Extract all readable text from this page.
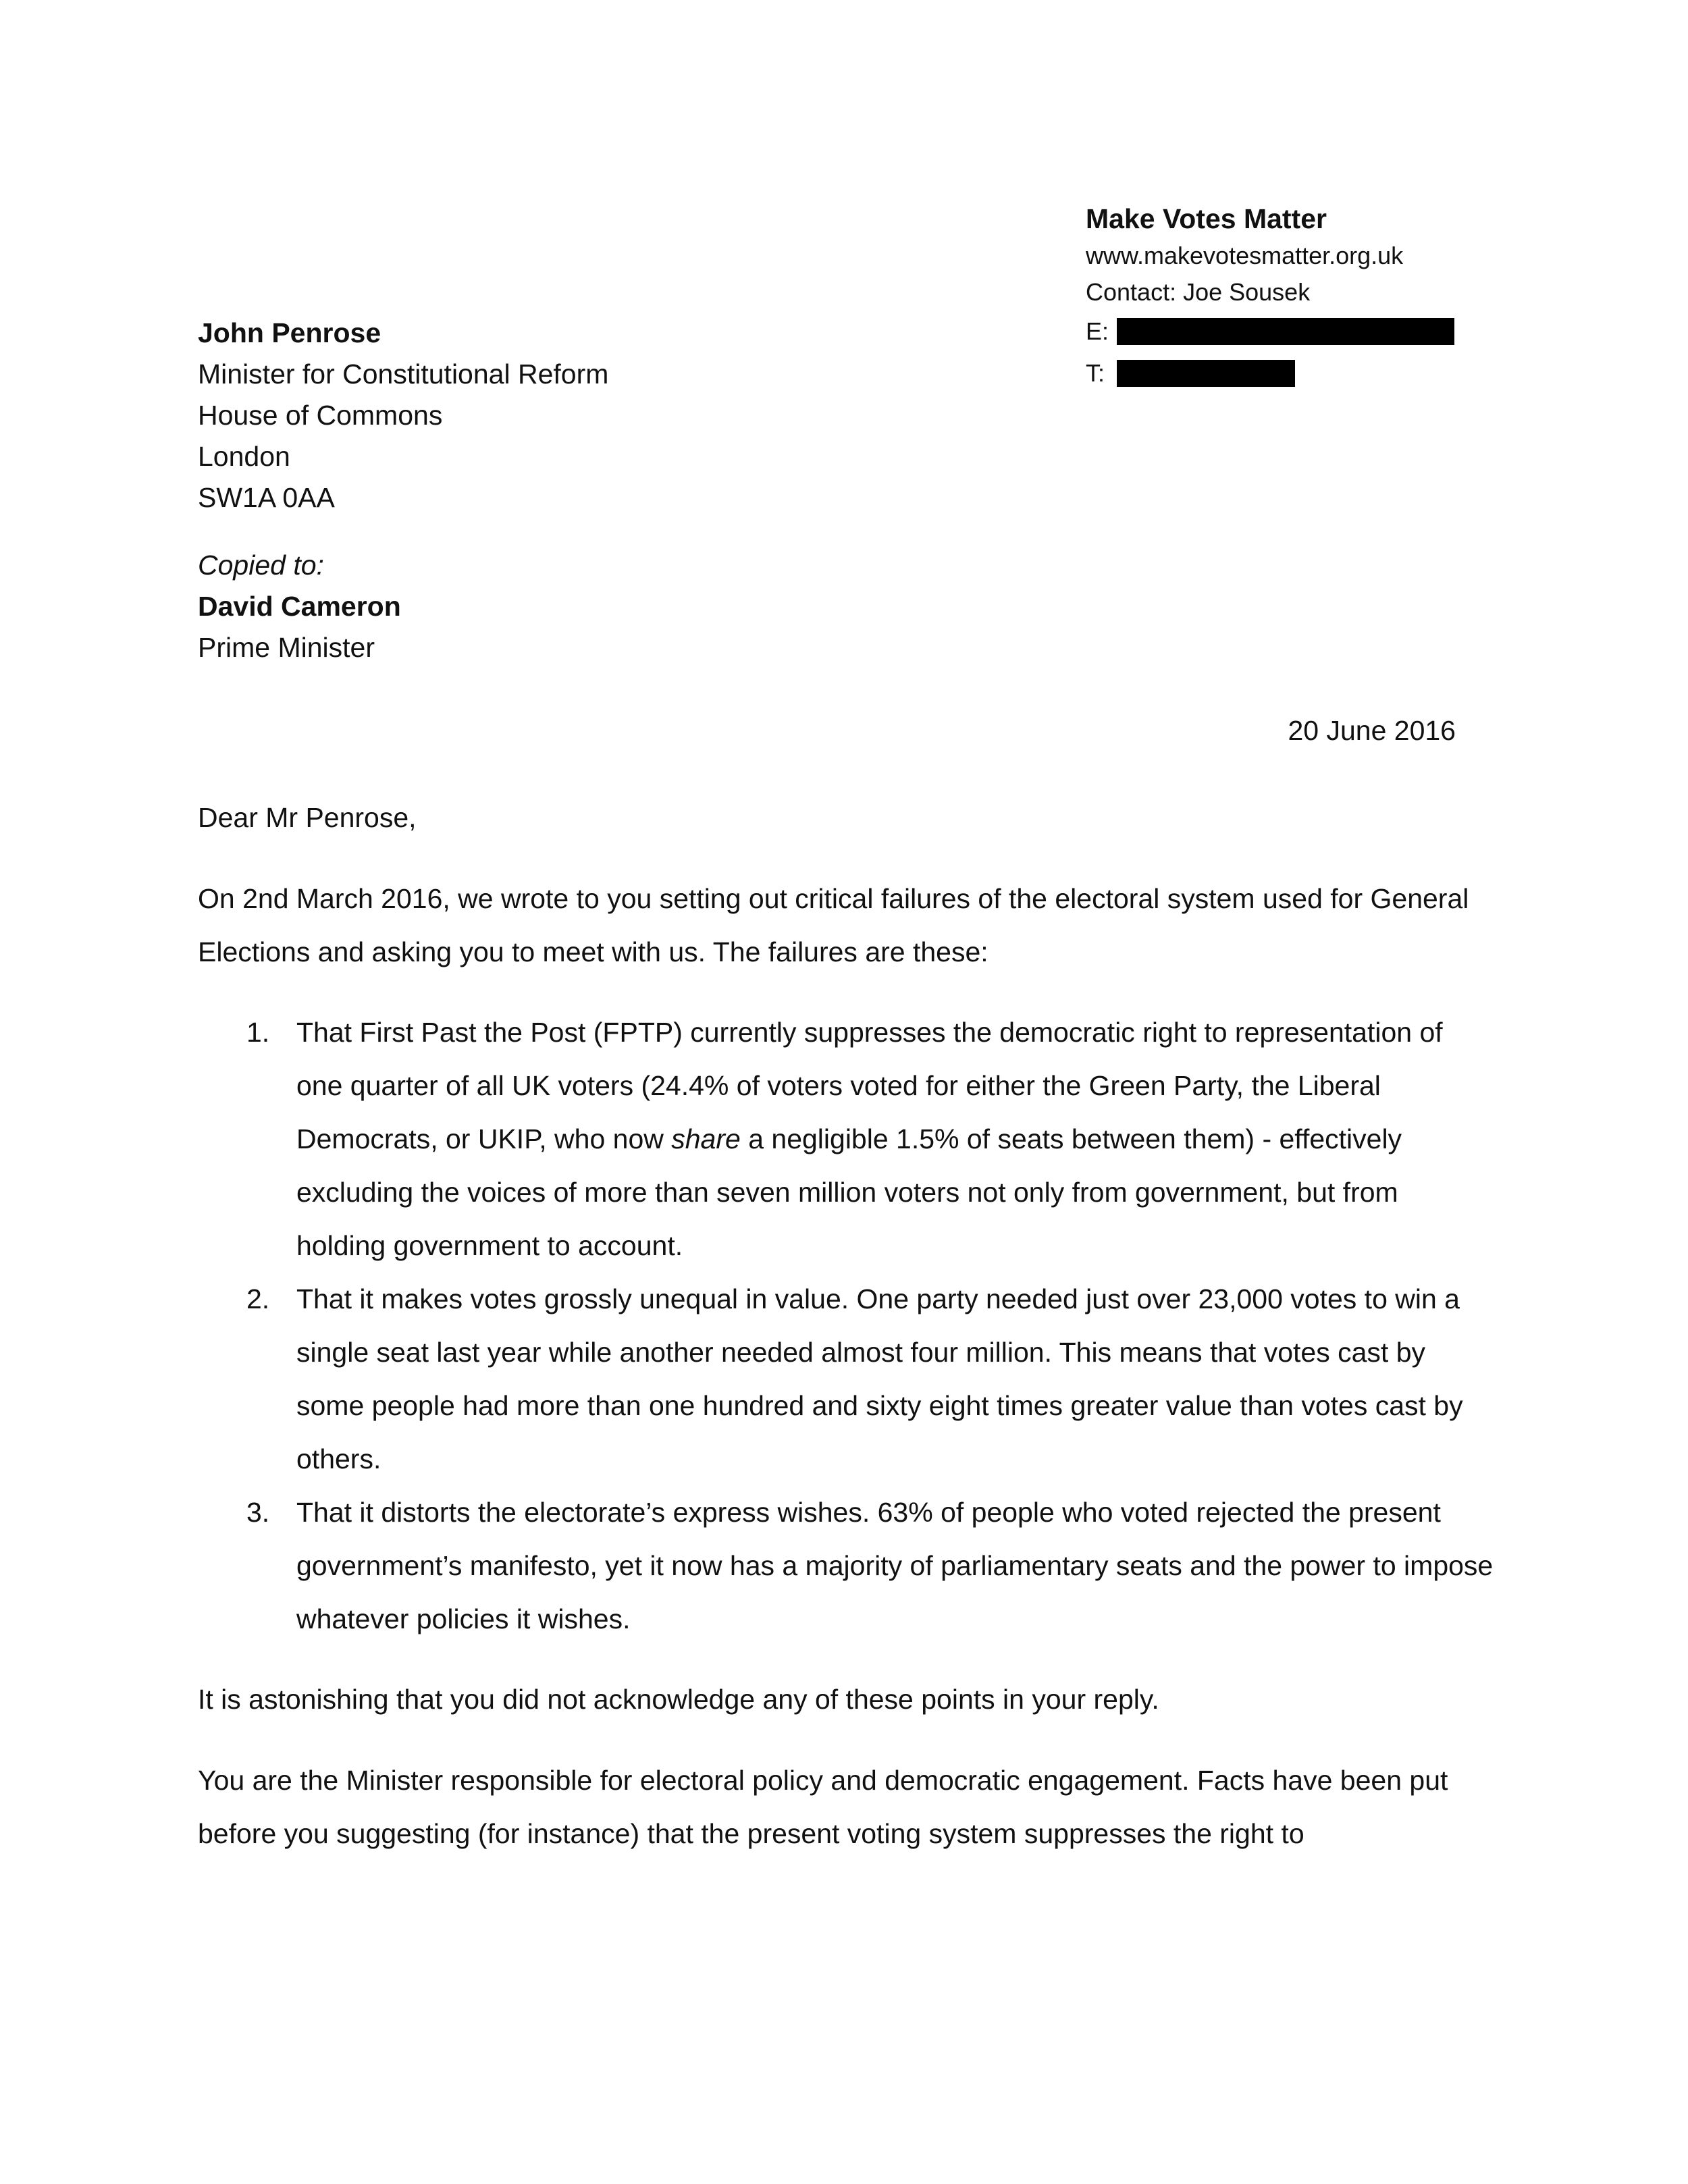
Make Votes Matter
www.makevotesmatter.org.uk
Contact: Joe Sousek
E:
T:
John Penrose
Minister for Constitutional Reform
House of Commons
London
SW1A 0AA
Copied to:
David Cameron
Prime Minister
20 June 2016

Dear Mr Penrose,

On 2nd March 2016, we wrote to you setting out critical failures of the electoral system used for General Elections and asking you to meet with us. The failures are these:

1. That First Past the Post (FPTP) currently suppresses the democratic right to representation of one quarter of all UK voters (24.4% of voters voted for either the Green Party, the Liberal Democrats, or UKIP, who now share a negligible 1.5% of seats between them) - effectively excluding the voices of more than seven million voters not only from government, but from holding government to account.
2. That it makes votes grossly unequal in value. One party needed just over 23,000 votes to win a single seat last year while another needed almost four million. This means that votes cast by some people had more than one hundred and sixty eight times greater value than votes cast by others.
3. That it distorts the electorate’s express wishes. 63% of people who voted rejected the present government’s manifesto, yet it now has a majority of parliamentary seats and the power to impose whatever policies it wishes.

It is astonishing that you did not acknowledge any of these points in your reply.

You are the Minister responsible for electoral policy and democratic engagement. Facts have been put before you suggesting (for instance) that the present voting system suppresses the right to
